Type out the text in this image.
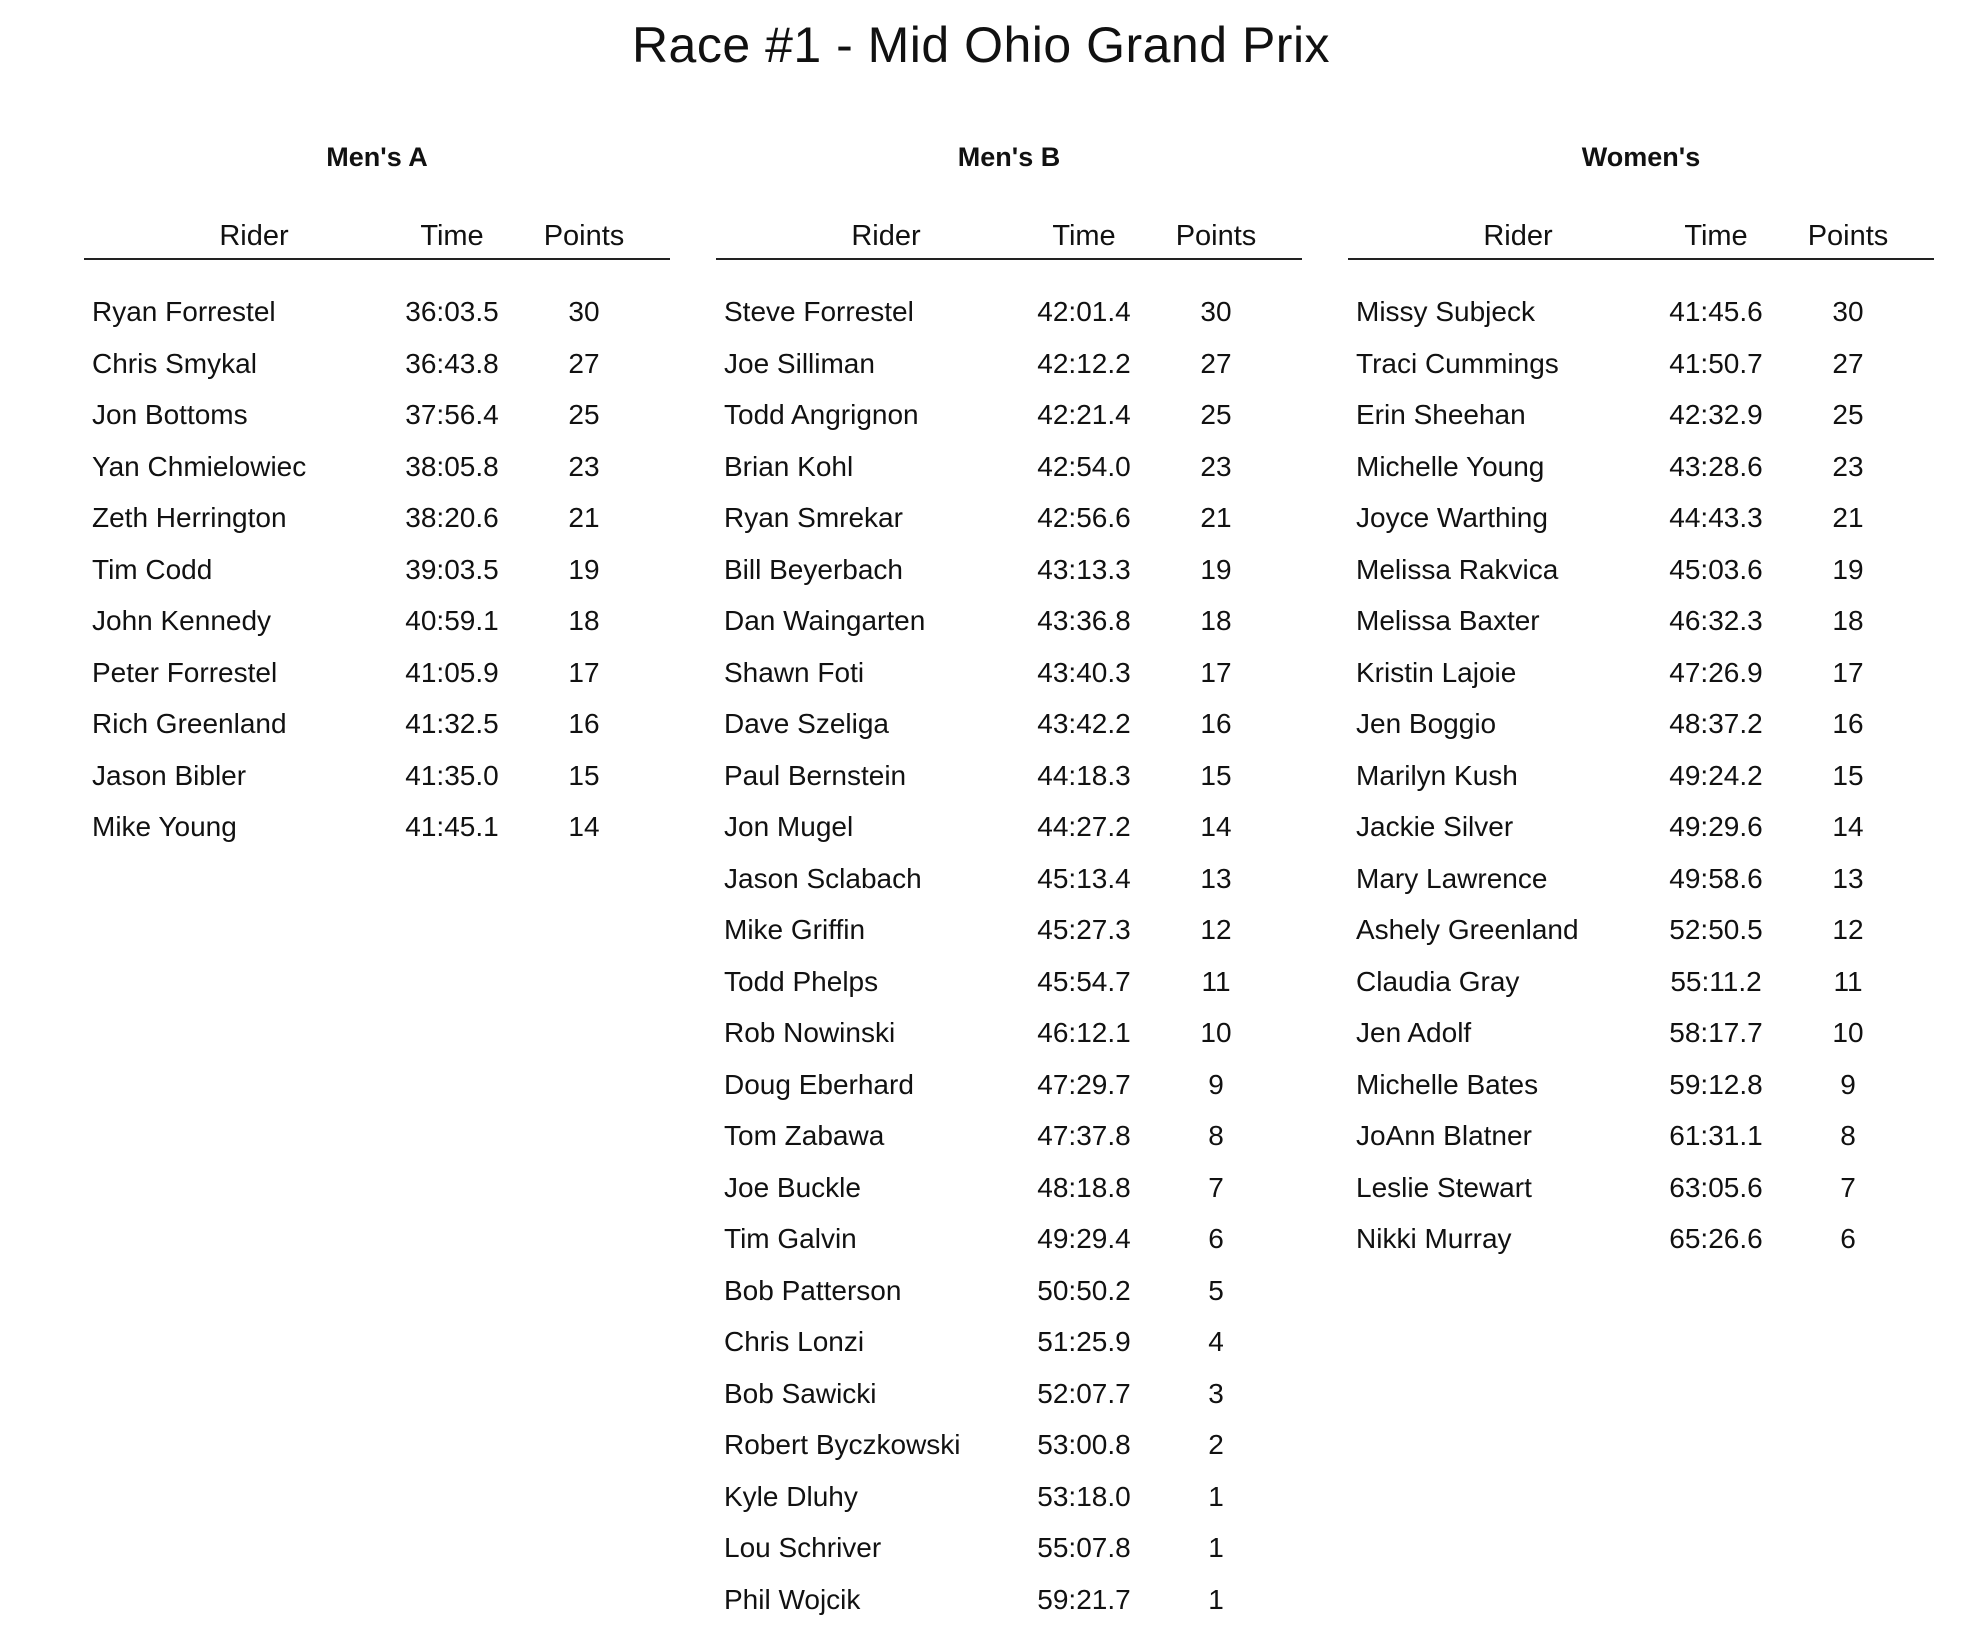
Race #1 - Mid Ohio Grand Prix
Men's A
Rider	Time	Points
Ryan Forrestel	36:03.5	30
Chris Smykal	36:43.8	27
Jon Bottoms	37:56.4	25
Yan Chmielowiec	38:05.8	23
Zeth Herrington	38:20.6	21
Tim Codd	39:03.5	19
John Kennedy	40:59.1	18
Peter Forrestel	41:05.9	17
Rich Greenland	41:32.5	16
Jason Bibler	41:35.0	15
Mike Young	41:45.1	14
Men's B
Rider	Time	Points
Steve Forrestel	42:01.4	30
Joe Silliman	42:12.2	27
Todd Angrignon	42:21.4	25
Brian Kohl	42:54.0	23
Ryan Smrekar	42:56.6	21
Bill Beyerbach	43:13.3	19
Dan Waingarten	43:36.8	18
Shawn Foti	43:40.3	17
Dave Szeliga	43:42.2	16
Paul Bernstein	44:18.3	15
Jon Mugel	44:27.2	14
Jason Sclabach	45:13.4	13
Mike Griffin	45:27.3	12
Todd Phelps	45:54.7	11
Rob Nowinski	46:12.1	10
Doug Eberhard	47:29.7	9
Tom Zabawa	47:37.8	8
Joe Buckle	48:18.8	7
Tim Galvin	49:29.4	6
Bob Patterson	50:50.2	5
Chris Lonzi	51:25.9	4
Bob Sawicki	52:07.7	3
Robert Byczkowski	53:00.8	2
Kyle Dluhy	53:18.0	1
Lou Schriver	55:07.8	1
Phil Wojcik	59:21.7	1
Women's
Rider	Time	Points
Missy Subjeck	41:45.6	30
Traci Cummings	41:50.7	27
Erin Sheehan	42:32.9	25
Michelle Young	43:28.6	23
Joyce Warthing	44:43.3	21
Melissa Rakvica	45:03.6	19
Melissa Baxter	46:32.3	18
Kristin Lajoie	47:26.9	17
Jen Boggio	48:37.2	16
Marilyn Kush	49:24.2	15
Jackie Silver	49:29.6	14
Mary Lawrence	49:58.6	13
Ashely Greenland	52:50.5	12
Claudia Gray	55:11.2	11
Jen Adolf	58:17.7	10
Michelle Bates	59:12.8	9
JoAnn Blatner	61:31.1	8
Leslie Stewart	63:05.6	7
Nikki Murray	65:26.6	6
